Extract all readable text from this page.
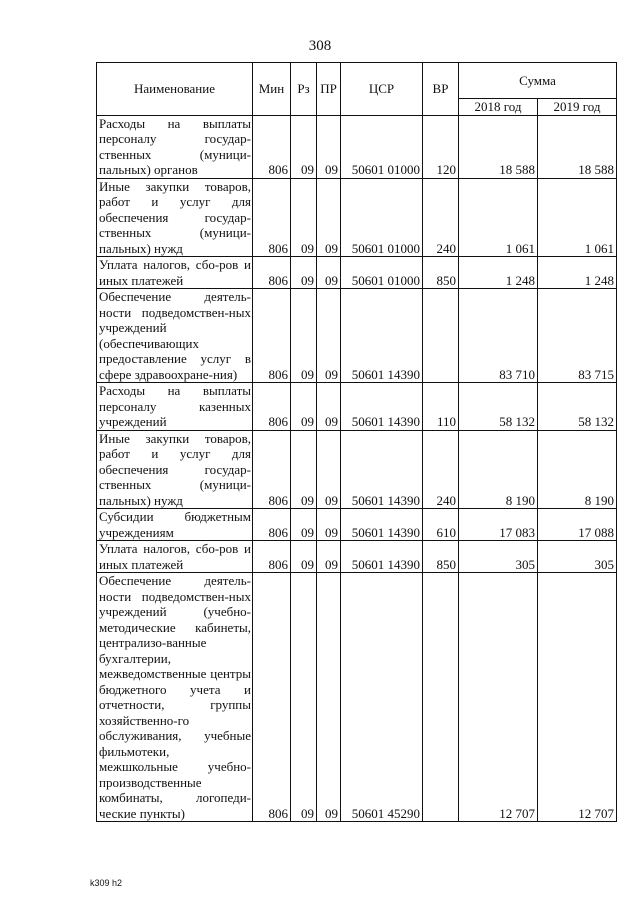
308
Наименование	Мин	Рз	ПР	ЦСР	ВР	Сумма	
						2018 год	2019 год
Расходы на выплаты персоналу государ-ственных (муници-пальных) органов	806	09	09	50601 01000	120	18 588	18 588
Иные закупки товаров, работ и услуг для обеспечения государ-ственных (муници-пальных) нужд	806	09	09	50601 01000	240	1 061	1 061
Уплата налогов, сбо-ров и иных платежей	806	09	09	50601 01000	850	1 248	1 248
Обеспечение деятель-ности подведомствен-ных учреждений (обеспечивающих предоставление услуг в сфере здравоохране-ния)	806	09	09	50601 14390		83 710	83 715
Расходы на выплаты персоналу казенных учреждений	806	09	09	50601 14390	110	58 132	58 132
Иные закупки товаров, работ и услуг для обеспечения государ-ственных (муници-пальных) нужд	806	09	09	50601 14390	240	8 190	8 190
Субсидии бюджетным учреждениям	806	09	09	50601 14390	610	17 083	17 088
Уплата налогов, сбо-ров и иных платежей	806	09	09	50601 14390	850	305	305
Обеспечение деятель-ности подведомствен-ных учреждений (учебно-методические кабинеты, централизо-ванные бухгалтерии, межведомственные центры бюджетного учета и отчетности, группы хозяйственно-го обслуживания, учебные фильмотеки, межшкольные учебно-производственные комбинаты, логопеди-ческие пункты)	806	09	09	50601 45290		12 707	12 707
k309 h2
